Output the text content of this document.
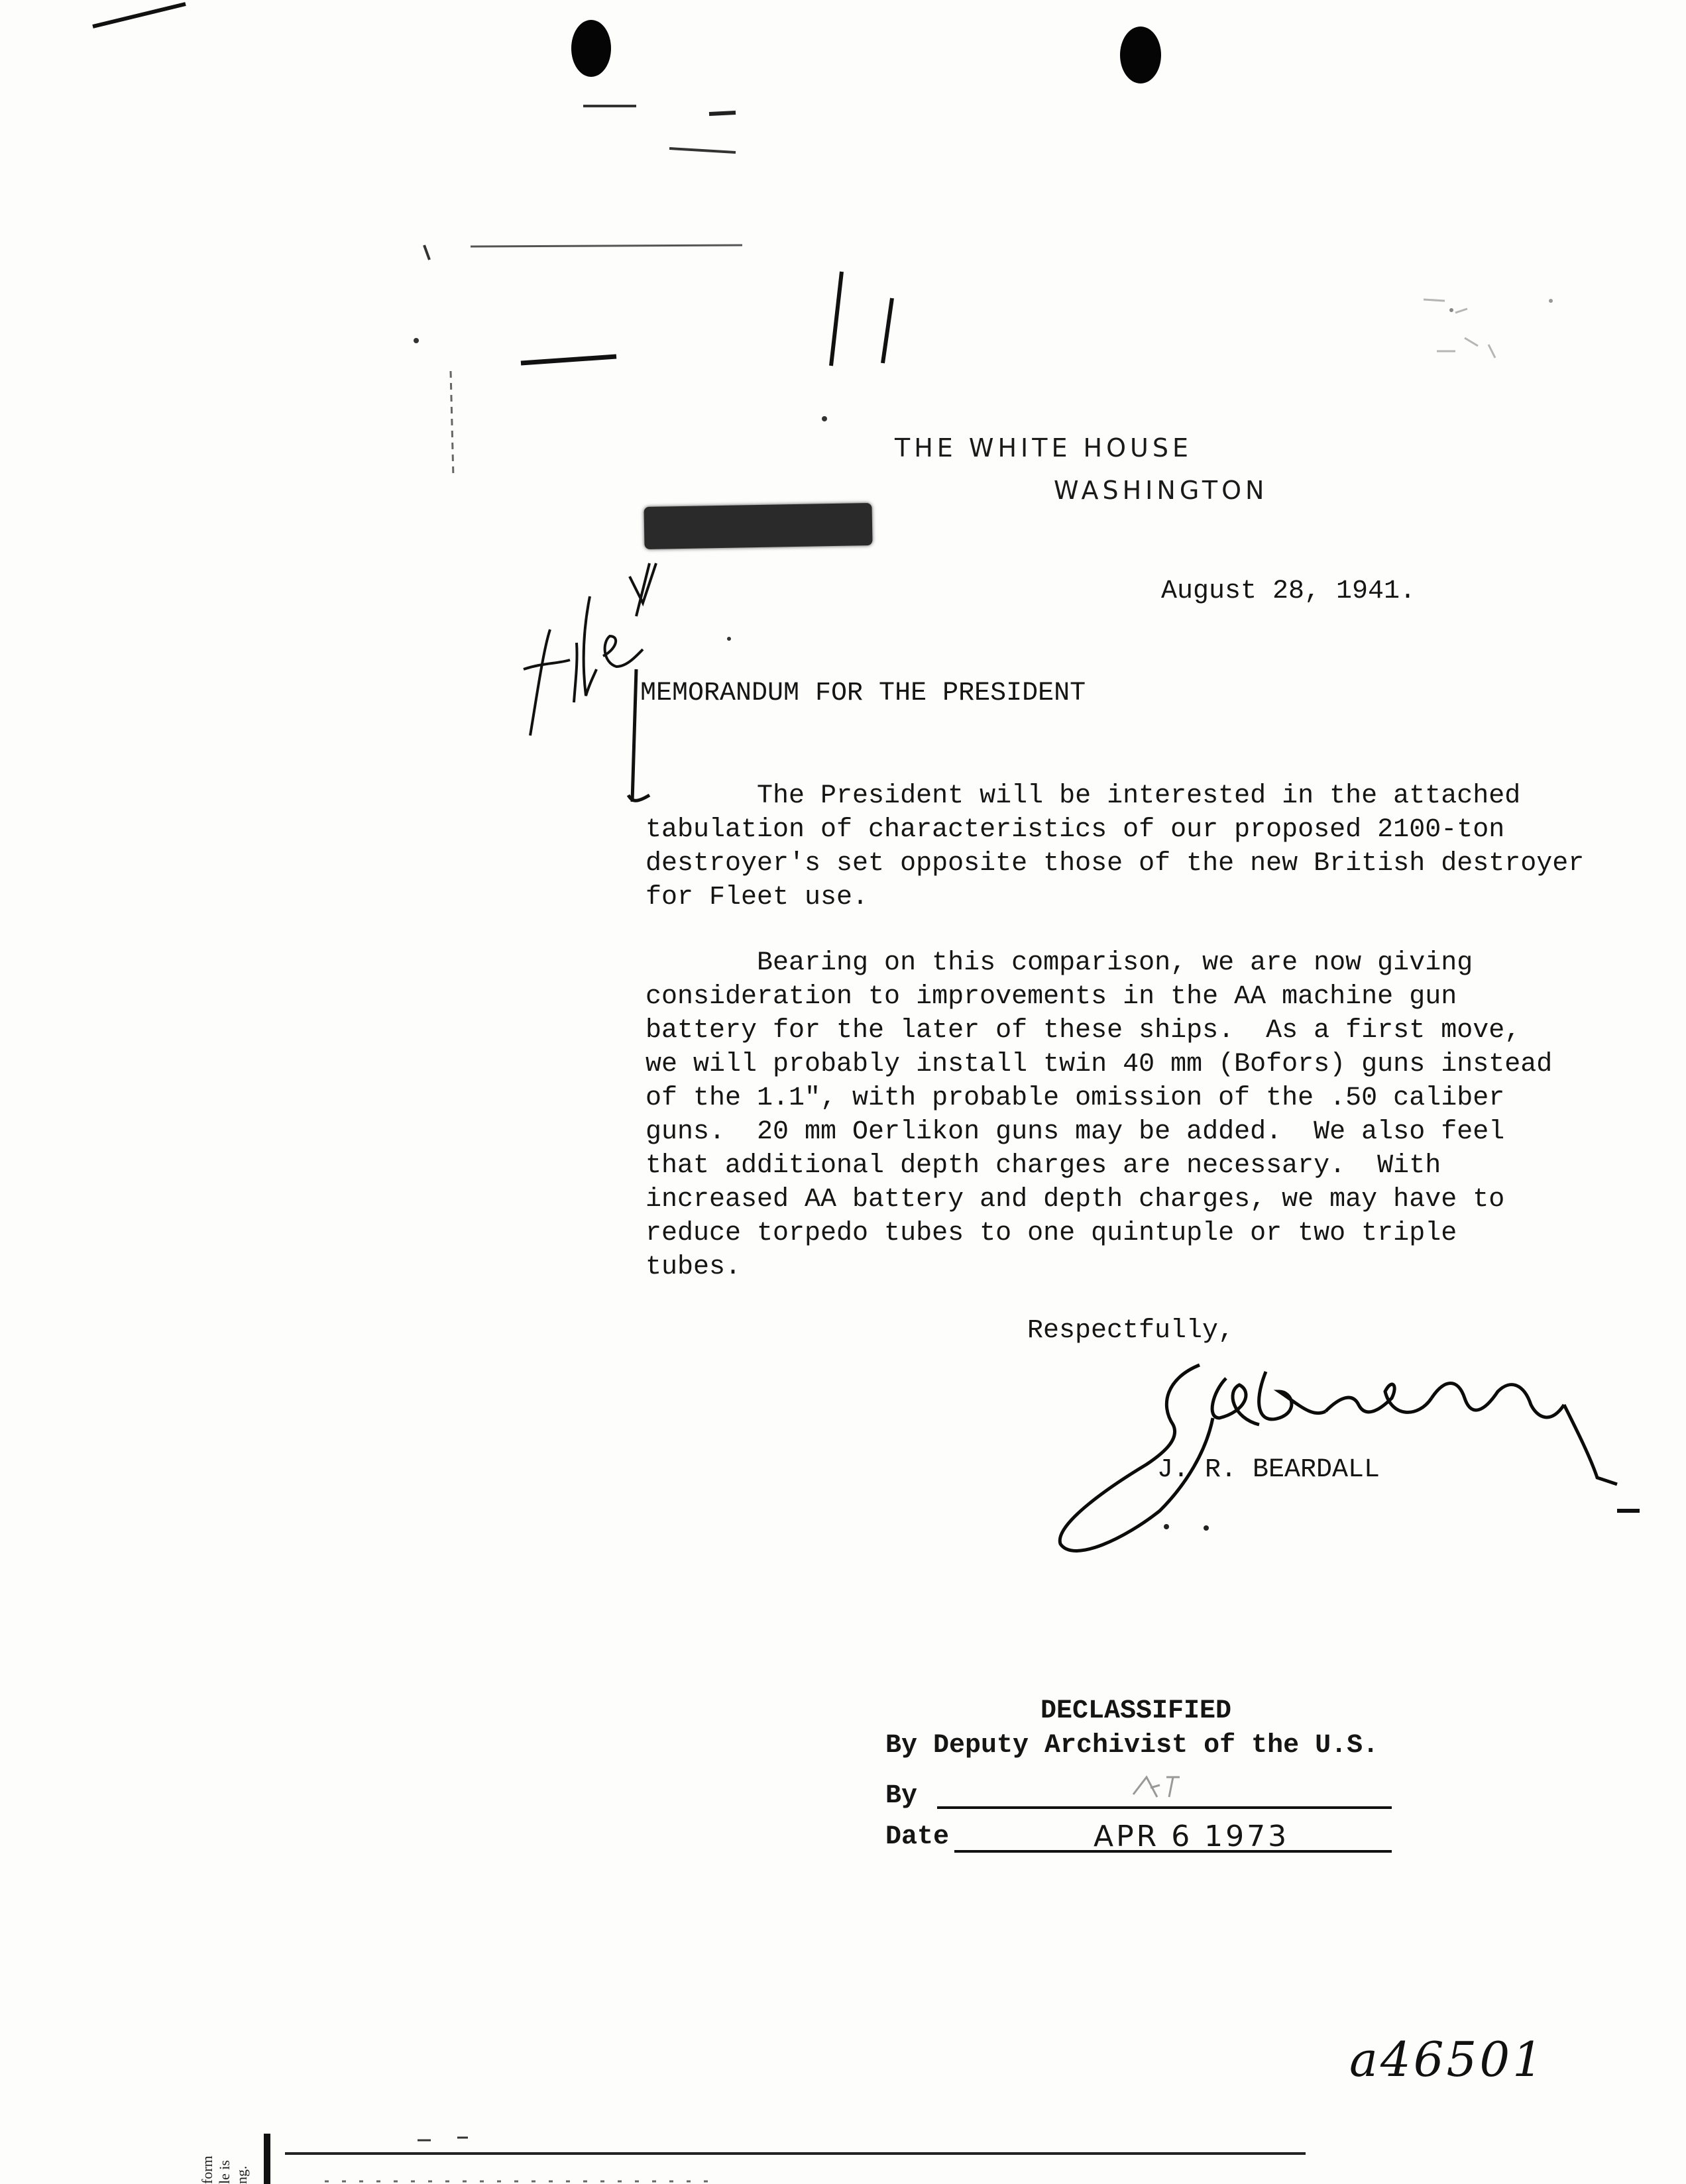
THE WHITE HOUSE
WASHINGTON
August 28, 1941.
MEMORANDUM FOR THE PRESIDENT
The President will be interested in the attached
tabulation of characteristics of our proposed 2100-ton
destroyer's set opposite those of the new British destroyer
for Fleet use.
Bearing on this comparison, we are now giving
consideration to improvements in the AA machine gun
battery for the later of these ships.  As a first move,
we will probably install twin 40 mm (Bofors) guns instead
of the 1.1", with probable omission of the .50 caliber
guns.  20 mm Oerlikon guns may be added.  We also feel
that additional depth charges are necessary.  With
increased AA battery and depth charges, we may have to
reduce torpedo tubes to one quintuple or two triple
tubes.
Respectfully,
J. R. BEARDALL
DECLASSIFIED
By Deputy Archivist of the U.S.
By
Date	APR 6 1973
a46501
form
le is
ng.
